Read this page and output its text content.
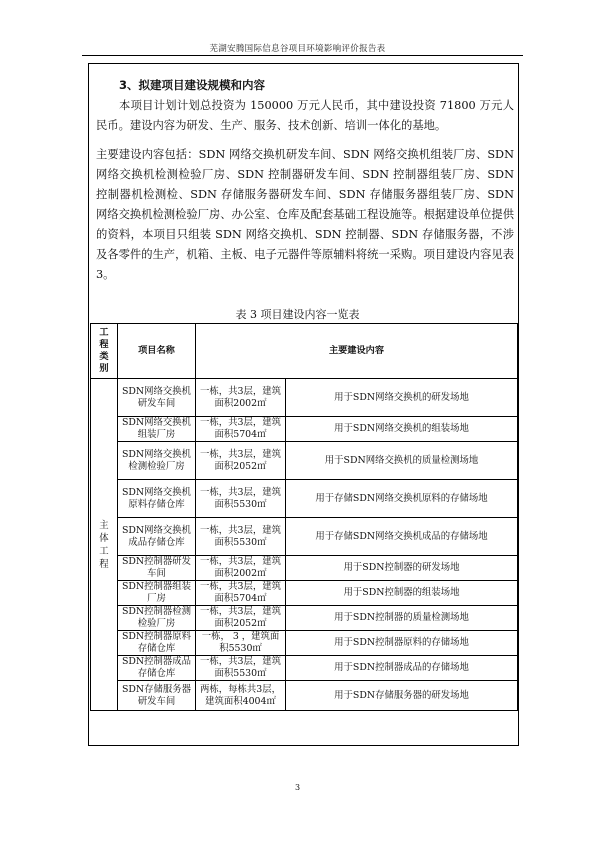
芜湖安腾国际信息谷项目环境影响评价报告表
3、拟建项目建设规模和内容

本项目计划计划总投资为 150000 万元人民币，其中建设投资 71800 万元人民币。建设内容为研发、生产、服务、技术创新、培训一体化的基地。

主要建设内容包括：SDN 网络交换机研发车间、SDN 网络交换机组装厂房、SDN 网络交换机检测检验厂房、SDN 控制器研发车间、SDN 控制器组装厂房、SDN 控制器机检测检、SDN 存储服务器研发车间、SDN 存储服务器组装厂房、SDN 网络交换机检测检验厂房、办公室、仓库及配套基础工程设施等。根据建设单位提供的资料，本项目只组装 SDN 网络交换机、SDN 控制器、SDN 存储服务器，不涉及各零件的生产，机箱、主板、电子元器件等原辅料将统一采购。项目建设内容见表 3。

表 3 项目建设内容一览表
工
程
类
别	项目名称	主要建设内容	
主
体
工
程	SDN网络交换机研发车间	一栋，共3层，建筑面积2002㎡	用于SDN网络交换机的研发场地
	SDN网络交换机组装厂房	一栋，共3层，建筑面积5704㎡	用于SDN网络交换机的组装场地
	SDN网络交换机检测检验厂房	一栋，共3层，建筑面积2052㎡	用于SDN网络交换机的质量检测场地
	SDN网络交换机原料存储仓库	一栋，共3层，建筑面积5530㎡	用于存储SDN网络交换机原料的存储场地
	SDN网络交换机成品存储仓库	一栋，共3层，建筑面积5530㎡	用于存储SDN网络交换机成品的存储场地
	SDN控制器研发车间	一栋，共3层，建筑面积2002㎡	用于SDN控制器的研发场地
	SDN控制器组装厂房	一栋，共3层，建筑面积5704㎡	用于SDN控制器的组装场地
	SDN控制器检测检验厂房	一栋，共3层，建筑面积2052㎡	用于SDN控制器的质量检测场地
	SDN控制器原料存储仓库	一栋， 3 ，建筑面积5530㎡	用于SDN控制器原料的存储场地
	SDN控制器成品存储仓库	一栋，共3层，建筑面积5530㎡	用于SDN控制器成品的存储场地
	SDN存储服务器研发车间	两栋，每栋共3层，建筑面积4004㎡	用于SDN存储服务器的研发场地
3
